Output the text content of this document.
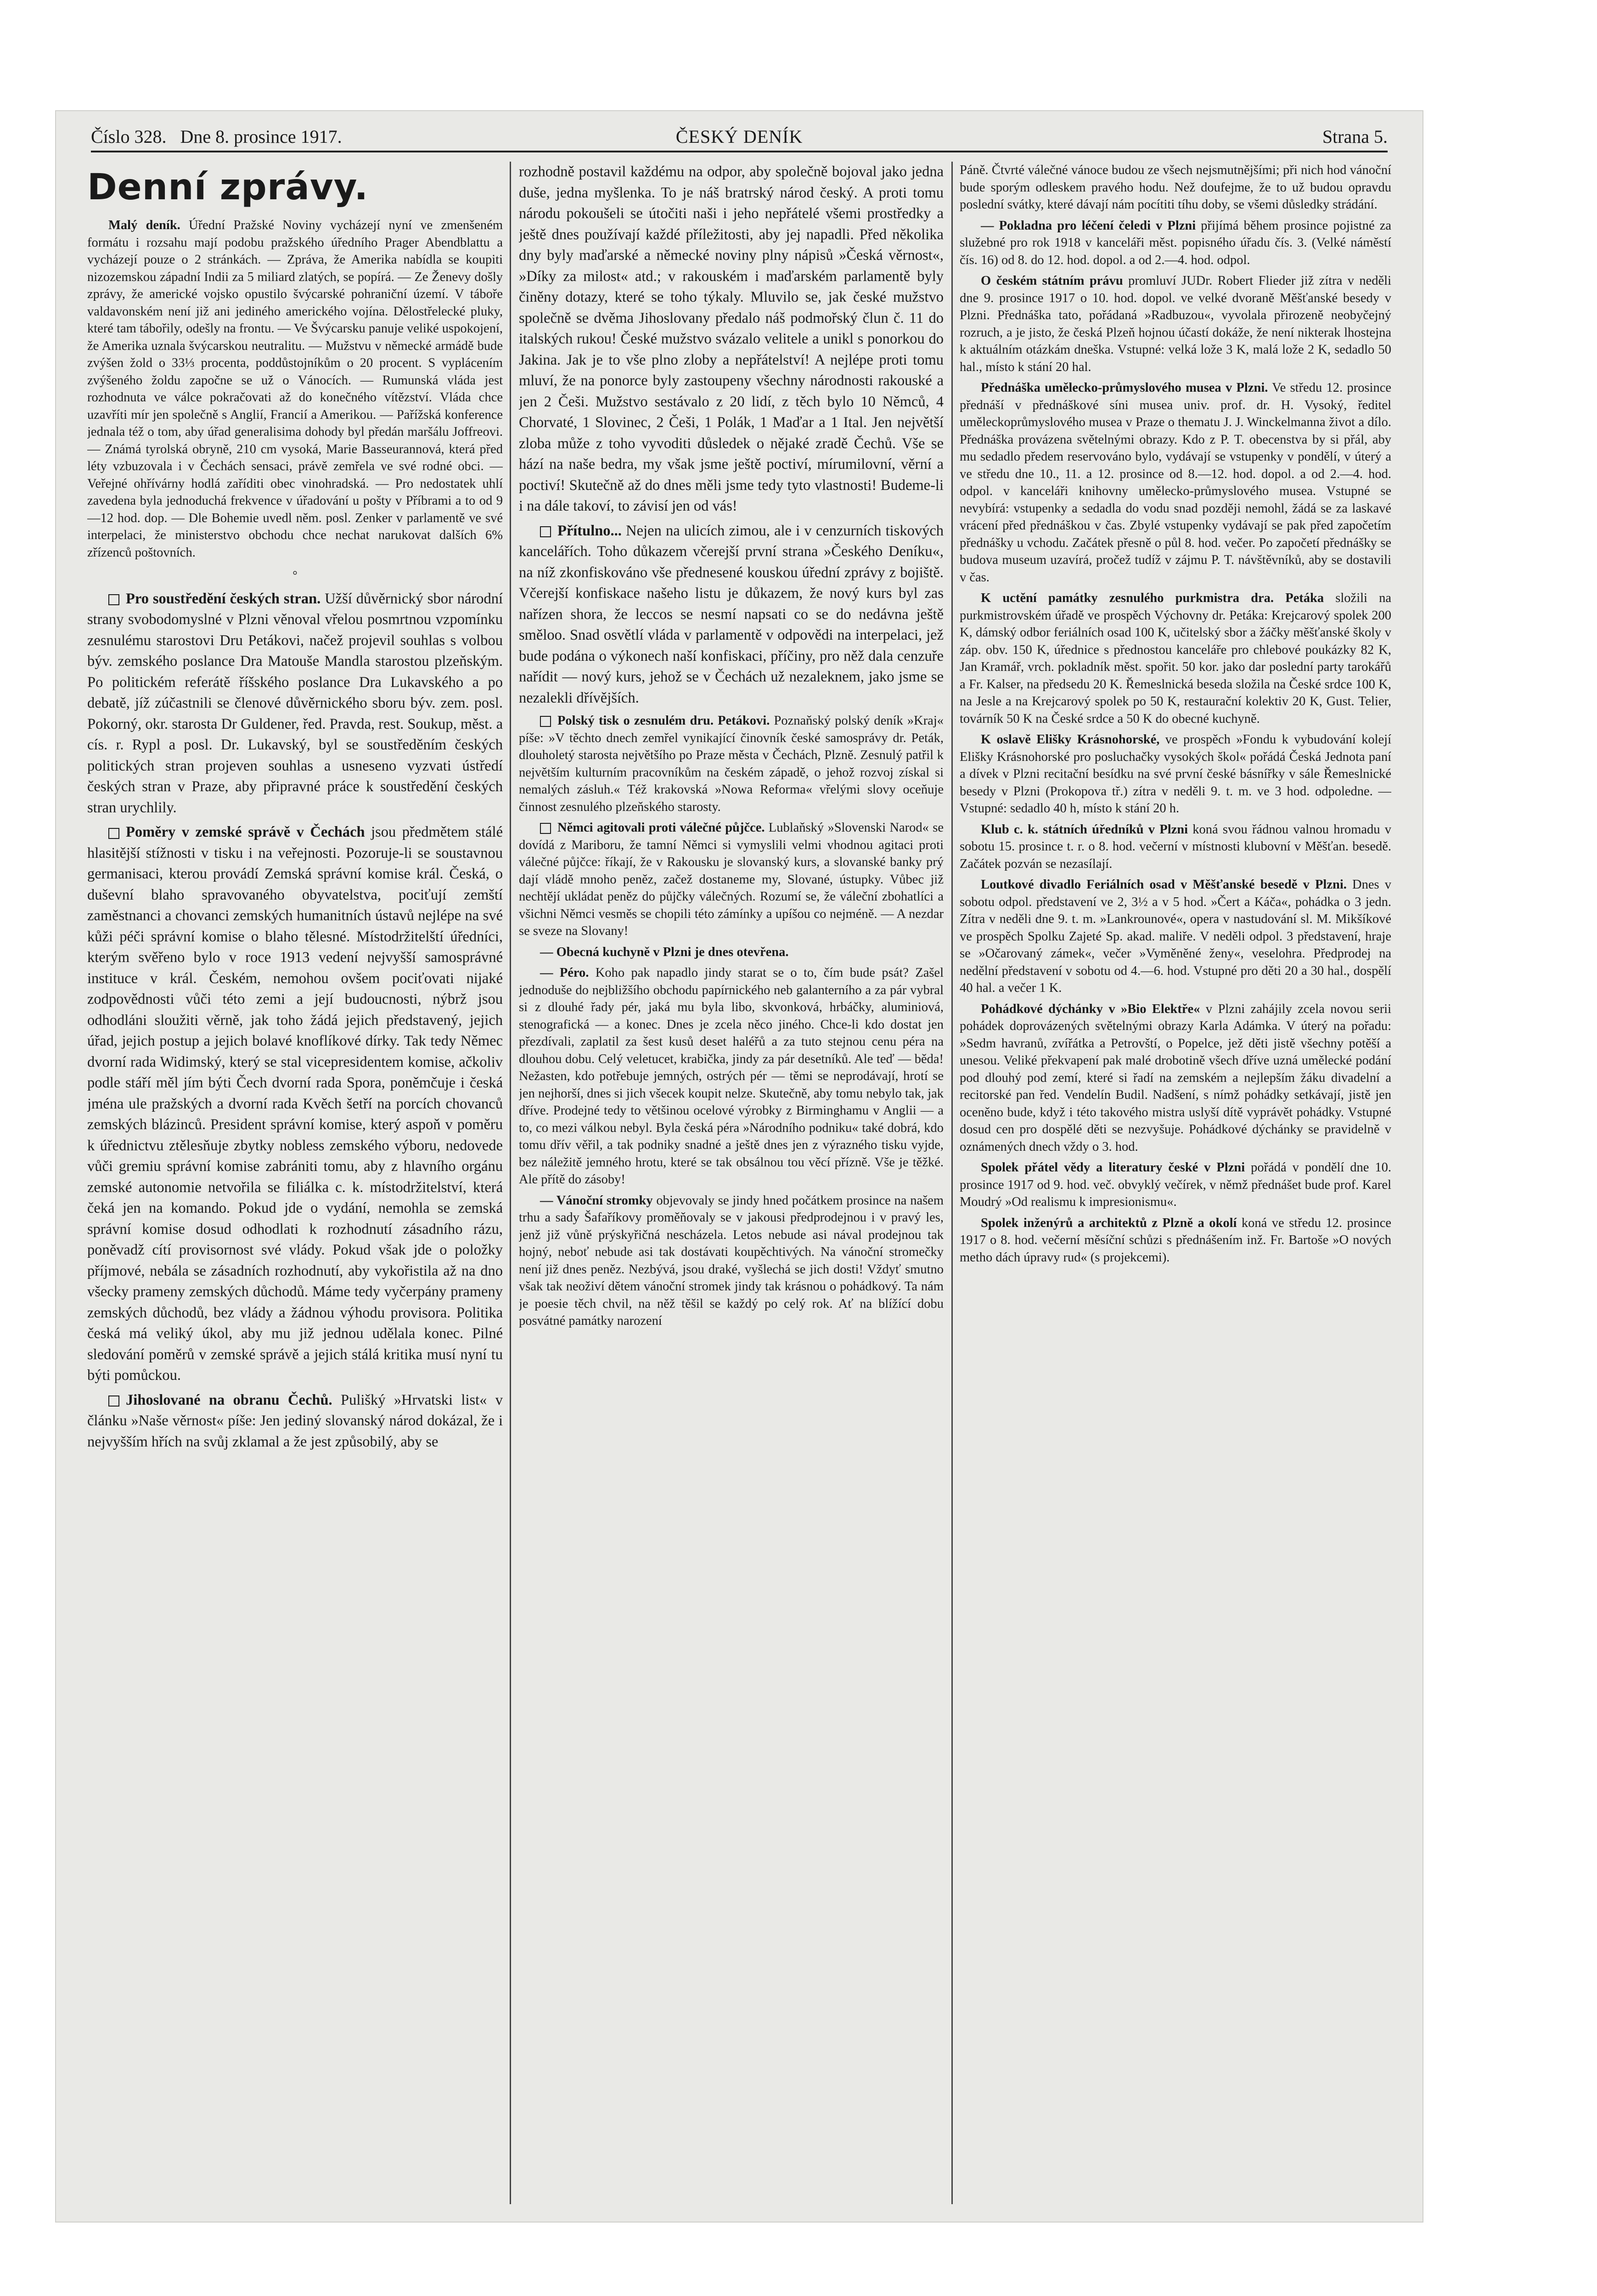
Číslo 328. Dne 8. prosince 1917.	ČESKÝ DENÍK	Strana 5.
Denní zprávy.

Malý deník. Úřední Pražské Noviny vycházejí nyní ve zmenšeném formátu i rozsahu mají podobu pražského úředního Prager Abendblattu a vycházejí pouze o 2 stránkách. — Zpráva, že Amerika nabídla se koupiti nizozemskou západní Indii za 5 miliard zlatých, se popírá. — Ze Ženevy došly zprávy, že americké vojsko opustilo švýcarské pohraniční území. V táboře valdavonském není již ani jediného amerického vojína. Dělostřelecké pluky, které tam tábořily, odešly na frontu. — Ve Švýcarsku panuje veliké uspokojení, že Amerika uznala švýcarskou neutralitu. — Mužstvu v německé armádě bude zvýšen žold o 33⅓ procenta, poddůstojníkům o 20 procent. S vyplácením zvýšeného žoldu započne se už o Vánocích. — Rumunská vláda jest rozhodnuta ve válce pokračovati až do konečného vítězství. Vláda chce uzavříti mír jen společně s Anglií, Francií a Amerikou. — Pařížská konference jednala též o tom, aby úřad generalisima dohody byl předán maršálu Joffreovi. — Známá tyrolská obryně, 210 cm vysoká, Marie Basseurannová, která před léty vzbuzovala i v Čechách sensaci, právě zemřela ve své rodné obci. — Veřejné ohřívárny hodlá zaříditi obec vinohradská. — Pro nedostatek uhlí zavedena byla jednoduchá frekvence v úřadování u pošty v Příbrami a to od 9—12 hod. dop. — Dle Bohemie uvedl něm. posl. Zenker v parlamentě ve své interpelaci, že ministerstvo obchodu chce nechat narukovat dalších 6% zřízenců poštovních.

°

Pro soustředění českých stran. Užší důvěrnický sbor národní strany svobodomyslné v Plzni věnoval vřelou posmrtnou vzpomínku zesnulému starostovi Dru Petákovi, načež projevil souhlas s volbou býv. zemského poslance Dra Matouše Mandla starostou plzeňským. Po politickém referátě říšského poslance Dra Lukavského a po debatě, jíž zúčastnili se členové důvěrnického sboru býv. zem. posl. Pokorný, okr. starosta Dr Guldener, řed. Pravda, rest. Soukup, měst. a cís. r. Rypl a posl. Dr. Lukavský, byl se soustředěním českých politických stran projeven souhlas a usneseno vyzvati ústředí českých stran v Praze, aby připravné práce k soustředění českých stran urychlily.

Poměry v zemské správě v Čechách jsou předmětem stálé hlasitější stížnosti v tisku i na veřejnosti. Pozoruje-li se soustavnou germanisaci, kterou provádí Zemská správní komise král. Česká, o duševní blaho spravovaného obyvatelstva, pociťují zemští zaměstnanci a chovanci zemských humanitních ústavů nejlépe na své kůži péči správní komise o blaho tělesné. Místodržitelští úředníci, kterým svěřeno bylo v roce 1913 vedení nejvyšší samosprávné instituce v král. Českém, nemohou ovšem pociťovati nijaké zodpovědnosti vůči této zemi a její budoucnosti, nýbrž jsou odhodláni sloužiti věrně, jak toho žádá jejich představený, jejich úřad, jejich postup a jejich bolavé knoflíkové dírky. Tak tedy Němec dvorní rada Widimský, který se stal vicepresidentem komise, ačkoliv podle stáří měl jím býti Čech dvorní rada Spora, poněmčuje i česká jména ule pražských a dvorní rada Kvěch šetří na porcích chovanců zemských blázinců. President správní komise, který aspoň v poměru k úřednictvu ztělesňuje zbytky nobless zemského výboru, nedovede vůči gremiu správní komise zabrániti tomu, aby z hlavního orgánu zemské autonomie netvořila se filiálka c. k. místodržitelství, která čeká jen na komando. Pokud jde o vydání, nemohla se zemská správní komise dosud odhodlati k rozhodnutí zásadního rázu, poněvadž cítí provisornost své vlády. Pokud však jde o položky příjmové, nebála se zásadních rozhodnutí, aby vykořistila až na dno všecky prameny zemských důchodů. Máme tedy vyčerpány prameny zemských důchodů, bez vlády a žádnou výhodu provisora. Politika česká má veliký úkol, aby mu již jednou udělala konec. Pilné sledování poměrů v zemské správě a jejich stálá kritika musí nyní tu býti pomůckou.

Jihoslované na obranu Čechů. Pulišký »Hrvatski list« v článku »Naše věrnost« píše: Jen jediný slovanský národ dokázal, že i nejvyšším hřích na svůj zklamal a že jest způsobilý, aby se

rozhodně postavil každému na odpor, aby společně bojoval jako jedna duše, jedna myšlenka. To je náš bratrský národ český. A proti tomu národu pokoušeli se útočiti naši i jeho nepřátelé všemi prostředky a ještě dnes používají každé příležitosti, aby jej napadli. Před několika dny byly maďarské a německé noviny plny nápisů »Česká věrnost«, »Díky za milost« atd.; v rakouském i maďarském parlamentě byly činěny dotazy, které se toho týkaly. Mluvilo se, jak české mužstvo společně se dvěma Jihoslovany předalo náš podmořský člun č. 11 do italských rukou! České mužstvo svázalo velitele a unikl s ponorkou do Jakina. Jak je to vše plno zloby a nepřátelství! A nejlépe proti tomu mluví, že na ponorce byly zastoupeny všechny národnosti rakouské a jen 2 Češi. Mužstvo sestávalo z 20 lidí, z těch bylo 10 Němců, 4 Chorvaté, 1 Slovinec, 2 Češi, 1 Polák, 1 Maďar a 1 Ital. Jen největší zloba může z toho vyvoditi důsledek o nějaké zradě Čechů. Vše se hází na naše bedra, my však jsme ještě poctiví, mírumilovní, věrní a poctiví! Skutečně až do dnes měli jsme tedy tyto vlastnosti! Budeme-li i na dále takoví, to závisí jen od vás!

Přítulno... Nejen na ulicích zimou, ale i v cenzurních tiskových kancelářích. Toho důkazem včerejší první strana »Českého Deníku«, na níž zkonfiskováno vše přednesené kouskou úřední zprávy z bojiště. Včerejší konfiskace našeho listu je důkazem, že nový kurs byl zas nařízen shora, že leccos se nesmí napsati co se do nedávna ještě směloo. Snad osvětlí vláda v parlamentě v odpovědi na interpelaci, jež bude podána o výkonech naší konfiskaci, příčiny, pro něž dala cenzuře nařídit — nový kurs, jehož se v Čechách už nezaleknem, jako jsme se nezalekli dřívějších.

Polský tisk o zesnulém dru. Petákovi. Poznaňský polský deník »Kraj« píše: »V těchto dnech zemřel vynikající činovník české samosprávy dr. Peták, dlouholetý starosta největšího po Praze města v Čechách, Plzně. Zesnulý patřil k největším kulturním pracovníkům na českém západě, o jehož rozvoj získal si nemalých zásluh.« Též krakovská »Nowa Reforma« vřelými slovy oceňuje činnost zesnulého plzeňského starosty.

Němci agitovali proti válečné půjčce. Lublaňský »Slovenski Narod« se dovídá z Mariboru, že tamní Němci si vymyslili velmi vhodnou agitaci proti válečné půjčce: říkají, že v Rakousku je slovanský kurs, a slovanské banky prý dají vládě mnoho peněz, začež dostaneme my, Slované, ústupky. Vůbec již nechtějí ukládat peněz do půjčky válečných. Rozumí se, že váleční zbohatlíci a všichni Němci vesměs se chopili této zámínky a upíšou co nejméně. — A nezdar se sveze na Slovany!

— Obecná kuchyně v Plzni je dnes otevřena.

— Péro. Koho pak napadlo jindy starat se o to, čím bude psát? Zašel jednoduše do nejbližšího obchodu papírnického neb galanterního a za pár vybral si z dlouhé řady pér, jaká mu byla libo, skvonková, hrbáčky, aluminiová, stenografická — a konec. Dnes je zcela něco jiného. Chce-li kdo dostat jen přezdívali, zaplatil za šest kusů deset haléřů a za tuto stejnou cenu péra na dlouhou dobu. Celý veletucet, krabička, jindy za pár desetníků. Ale teď — běda! Nežasten, kdo potřebuje jemných, ostrých pér — těmi se neprodávají, hrotí se jen nejhorší, dnes si jich všecek koupit nelze. Skutečně, aby tomu nebylo tak, jak dříve. Prodejné tedy to většinou ocelové výrobky z Birminghamu v Anglii — a to, co mezi válkou nebyl. Byla česká péra »Národního podniku« také dobrá, kdo tomu dřív věřil, a tak podniky snadné a ještě dnes jen z výrazného tisku vyjde, bez náležitě jemného hrotu, které se tak obsálnou tou věcí přízně. Vše je těžké. Ale přítě do zásoby!

— Vánoční stromky objevovaly se jindy hned počátkem prosince na našem trhu a sady Šafaříkovy proměňovaly se v jakousi předprodejnou i v pravý les, jenž již vůně prýskyřičná nescházela. Letos nebude asi nával prodejnou tak hojný, neboť nebude asi tak dostávati koupěchtivých. Na vánoční stromečky není již dnes peněz. Nezbývá, jsou draké, vyšlechá se jich dosti! Vždyť smutno však tak neoživí dětem vánoční stromek jindy tak krásnou o pohádkový. Ta nám je poesie těch chvil, na něž těšil se každý po celý rok. Ať na blížící dobu posvátné památky narození

Páně. Čtvrté válečné vánoce budou ze všech nejsmutnějšími; při nich hod vánoční bude sporým odleskem pravého hodu. Než doufejme, že to už budou opravdu poslední svátky, které dávají nám pocítiti tíhu doby, se všemi důsledky strádání.

— Pokladna pro léčení čeledi v Plzni přijímá během prosince pojistné za služebné pro rok 1918 v kanceláři měst. popisného úřadu čís. 3. (Velké náměstí čís. 16) od 8. do 12. hod. dopol. a od 2.—4. hod. odpol.

O českém státním právu promluví JUDr. Robert Flieder již zítra v neděli dne 9. prosince 1917 o 10. hod. dopol. ve velké dvoraně Měšťanské besedy v Plzni. Přednáška tato, pořádaná »Radbuzou«, vyvolala přirozeně neobyčejný rozruch, a je jisto, že česká Plzeň hojnou účastí dokáže, že není nikterak lhostejna k aktuálním otázkám dneška. Vstupné: velká lože 3 K, malá lože 2 K, sedadlo 50 hal., místo k stání 20 hal.

Přednáška umělecko-průmyslového musea v Plzni. Ve středu 12. prosince přednáší v přednáškové síni musea univ. prof. dr. H. Vysoký, ředitel uměleckoprůmyslového musea v Praze o thematu J. J. Winckelmanna život a dílo. Přednáška provázena světelnými obrazy. Kdo z P. T. obecenstva by si přál, aby mu sedadlo předem reservováno bylo, vydávají se vstupenky v pondělí, v úterý a ve středu dne 10., 11. a 12. prosince od 8.—12. hod. dopol. a od 2.—4. hod. odpol. v kanceláři knihovny umělecko-průmyslového musea. Vstupné se nevybírá: vstupenky a sedadla do vodu snad později nemohl, žádá se za laskavé vrácení před přednáškou v čas. Zbylé vstupenky vydávají se pak před započetím přednášky u vchodu. Začátek přesně o půl 8. hod. večer. Po započetí přednášky se budova museum uzavírá, pročež tudíž v zájmu P. T. návštěvníků, aby se dostavili v čas.

K uctění památky zesnulého purkmistra dra. Petáka složili na purkmistrovském úřadě ve prospěch Výchovny dr. Petáka: Krejcarový spolek 200 K, dámský odbor feriálních osad 100 K, učitelský sbor a žáčky měšťanské školy v záp. obv. 150 K, úřednice s přednostou kanceláře pro chlebové poukázky 82 K, Jan Kramář, vrch. pokladník měst. spořit. 50 kor. jako dar poslední party tarokářů a Fr. Kalser, na předsedu 20 K. Řemeslnická beseda složila na České srdce 100 K, na Jesle a na Krejcarový spolek po 50 K, restaurační kolektiv 20 K, Gust. Telier, továrník 50 K na České srdce a 50 K do obecné kuchyně.

K oslavě Elišky Krásnohorské, ve prospěch »Fondu k vybudování kolejí Elišky Krásnohorské pro posluchačky vysokých škol« pořádá Česká Jednota paní a dívek v Plzni recitační besídku na své první české básnířky v sále Řemeslnické besedy v Plzni (Prokopova tř.) zítra v neděli 9. t. m. ve 3 hod. odpoledne. — Vstupné: sedadlo 40 h, místo k stání 20 h.

Klub c. k. státních úředníků v Plzni koná svou řádnou valnou hromadu v sobotu 15. prosince t. r. o 8. hod. večerní v místnosti klubovní v Měšťan. besedě. Začátek pozván se nezasílají.

Loutkové divadlo Feriálních osad v Měšťanské besedě v Plzni. Dnes v sobotu odpol. představení ve 2, 3½ a v 5 hod. »Čert a Káča«, pohádka o 3 jedn. Zítra v neděli dne 9. t. m. »Lankrounové«, opera v nastudování sl. M. Mikšíkové ve prospěch Spolku Zajeté Sp. akad. maliře. V neděli odpol. 3 představení, hraje se »Očarovaný zámek«, večer »Vyměněné ženy«, veselohra. Předprodej na nedělní představení v sobotu od 4.—6. hod. Vstupné pro děti 20 a 30 hal., dospělí 40 hal. a večer 1 K.

Pohádkové dýchánky v »Bio Elektře« v Plzni zahájily zcela novou serii pohádek doprovázených světelnými obrazy Karla Adámka. V úterý na pořadu: »Sedm havranů, zvířátka a Petrovští, o Popelce, jež děti jistě všechny potěší a unesou. Veliké překvapení pak malé drobotině všech dříve uzná umělecké podání pod dlouhý pod zemí, které si řadí na zemském a nejlepším žáku divadelní a recitorské pan řed. Vendelín Budil. Nadšení, s nímž pohádky setkávají, jistě jen oceněno bude, když i této takového mistra uslyší dítě vyprávět pohádky. Vstupné dosud cen pro dospělé děti se nezvyšuje. Pohádkové dýchánky se pravidelně v oznámených dnech vždy o 3. hod.

Spolek přátel vědy a literatury české v Plzni pořádá v pondělí dne 10. prosince 1917 od 9. hod. več. obvyklý večírek, v němž přednášet bude prof. Karel Moudrý »Od realismu k impresionismu«.

Spolek inženýrů a architektů z Plzně a okolí koná ve středu 12. prosince 1917 o 8. hod. večerní měsíční schůzi s přednášením inž. Fr. Bartoše »O nových metho dách úpravy rud« (s projekcemi).
